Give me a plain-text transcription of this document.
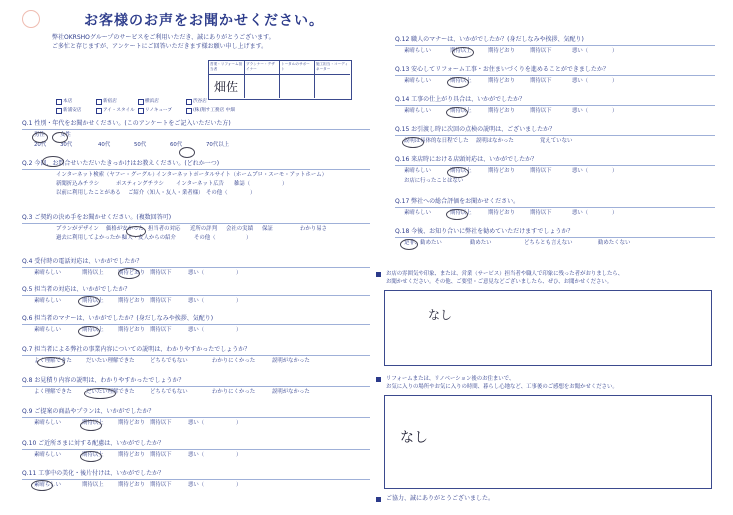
お客様のお声をお聞かせください。
弊社OKRSHOグループのサービスをご利用いただき、誠にありがとうございます。
ご多忙と存じますが、アンケートにご回答いただきます様お願い申し上げます。
営業・リフォーム担当者
プランナー・デザイナー
トータルのサポート
施工担当・コーディネーター
畑佐
本店	新宿店	横浜店	渋谷店
新浦安店	アイ・スタイル リノキューブ	(株)翔サ工務店 中畑
Q.1 性別・年代をお聞かせください。(このアンケートをご記入いただいた方)
男性	女性
20代	30代	40代	50代	60代	70代以上
Q.2 今回、お問合せいただいたきっかけはお教えください。(どれか一つ)
インターネット検索（ヤフー・グーグル）
インターネットポータルサイト（ホームプロ・スーモ・アットホーム）
新聞折込みチラシ	ポスティングチラシ インターネット広告 雑誌（	）
以前に利用したことがある ご紹介（知人・友人・業者様） その他（	）
Q.3 ご契約の決め手をお聞かせください。(複数回答可)
プランがデザイン 価格が安かった 担当者の対応 近所の評判 会社の実績 保証	わかり易さ
過去に利用してよかったから
知人・友人からの紹介	その他（	）
Q.4 受付時の電話対応は、いかがでしたか？
素晴らしい	期待以上	期待どおり 期待以下	悪い（	）
Q.5 担当者の対応は、いかがでしたか？
素晴らしい	期待以上	期待どおり 期待以下	悪い（	）
Q.6 担当者のマナーは、いかがでしたか？(身だしなみや挨拶、気配り)
素晴らしい	期待以上	期待どおり 期待以下	悪い（	）
Q.7 担当者による弊社の事業内容についての説明は、わかりやすかったでしょうか？
よく理解できた	だいたい理解できた	どちらでもない	わかりにくかった	説明がなかった
Q.8 お見積り内容の説明は、わかりやすかったでしょうか？
よく理解できた	だいたい理解できた	どちらでもない	わかりにくかった	説明がなかった
Q.9 ご提案の商品やプランは、いかがでしたか？
素晴らしい	期待以上	期待どおり 期待以下	悪い（	）
Q.10 ご近所さまに対する配慮は、いかがでしたか？
素晴らしい	期待以上	期待どおり 期待以下	悪い（	）
Q.11 工事中の美化・後片付けは、いかがでしたか？
素晴らしい	期待以上	期待どおり 期待以下	悪い（	）
Q.12 職人のマナーは、いかがでしたか？(身だしなみや挨拶、気配り)
素晴らしい	期待以上	期待どおり	期待以下	悪い（	）
Q.13 安心してリフォーム工事・お住まいづくりを進めることができましたか？
素晴らしい	期待以上	期待どおり	期待以下	悪い（	）
Q.14 工事の仕上がり具合は、いかがでしたか？
素晴らしい	期待以上	期待どおり	期待以下	悪い（	）
Q.15 お引渡し時に次回の点検の説明は、ございましたか？
説明は具体的な日程でした 説明はなかった	覚えていない
Q.16 来店時における店頭対応は、いかがでしたか？
素晴らしい	期待以上	期待どおり	期待以下	悪い（	）
お店に行ったことはない
Q.17 弊社への総合評価をお聞かせください。
素晴らしい	期待以上	期待どおり	期待以下	悪い（	）
Q.18 今後、お知り合いに弊社を勧めていただけますでしょうか？
是非、勧めたい	勧めたい	どちらとも言えない	勧めたくない
お店の雰囲気や印象、または、営業（サービス）担当者や職人で印象に残った者がおりましたら、
お聞かせください。その他、ご要望・ご意見などございましたら、ぜひ、お聞かせください。
なし
リフォームまたは、リノベーション後のお住まいで、
お気に入りの場所やお気に入りの時間、暮らし心地など、工事後のご感想をお聞かせください。
なし
ご協力、誠にありがとうございました。
